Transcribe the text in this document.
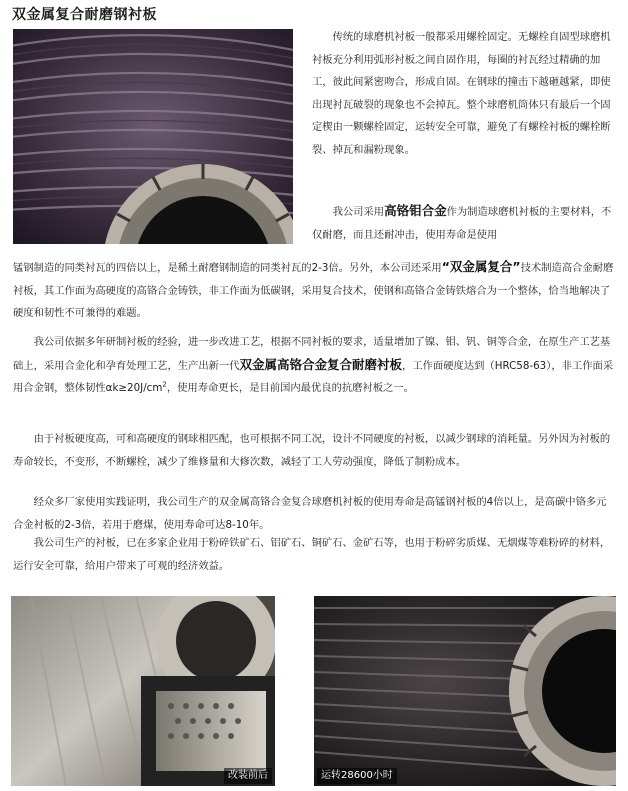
双金属复合耐磨钢衬板
传统的球磨机衬板一般都采用螺栓固定。无螺栓自固型球磨机衬板充分利用弧形衬板之间自固作用，每圈的衬瓦经过精确的加工，彼此间紧密吻合，形成自固。在钢球的撞击下越砸越紧，即使出现衬瓦破裂的现象也不会掉瓦。整个球磨机筒体只有最后一个固定楔由一颗螺栓固定，运转安全可靠，避免了有螺栓衬板的螺栓断裂、掉瓦和漏粉现象。
我公司采用高铬钼合金作为制造球磨机衬板的主要材料，不仅耐磨，而且还耐冲击，使用寿命是使用
锰钢制造的同类衬瓦的四倍以上，是稀土耐磨钢制造的同类衬瓦的2-3倍。另外，本公司还采用“双金属复合”技术制造高合金耐磨衬板，其工作面为高硬度的高铬合金铸铁，非工作面为低碳钢，采用复合技术，使钢和高铬合金铸铁熔合为一个整体，恰当地解决了硬度和韧性不可兼得的难题。
我公司依据多年研制衬板的经验，进一步改进工艺，根据不同衬板的要求，适量增加了镍、钼、钒、铜等合金，在原生产工艺基础上，采用合金化和孕育处理工艺，生产出新一代双金属高铬合金复合耐磨衬板，工作面硬度达到（HRC58-63），非工作面采用合金钢，整体韧性$\alpha k\ge 20J/cm^2$，使用寿命更长，是目前国内最优良的抗磨衬板之一。
由于衬板硬度高，可和高硬度的钢球相匹配，也可根据不同工况，设计不同硬度的衬板，以减少钢球的消耗量。另外因为衬板的寿命较长，不变形，不断螺栓，减少了维修量和大修次数，减轻了工人劳动强度，降低了制粉成本。
经众多厂家使用实践证明，我公司生产的双金属高铬合金复合球磨机衬板的使用寿命是高锰钢衬板的4倍以上，是高碳中铬多元合金衬板的2-3倍，若用于磨煤，使用寿命可达8-10年。
我公司生产的衬板，已在多家企业用于粉碎铁矿石、铝矿石、铜矿石、金矿石等，也用于粉碎劣质煤、无烟煤等难粉碎的材料，运行安全可靠，给用户带来了可观的经济效益。
改装前后	运转28600小时
